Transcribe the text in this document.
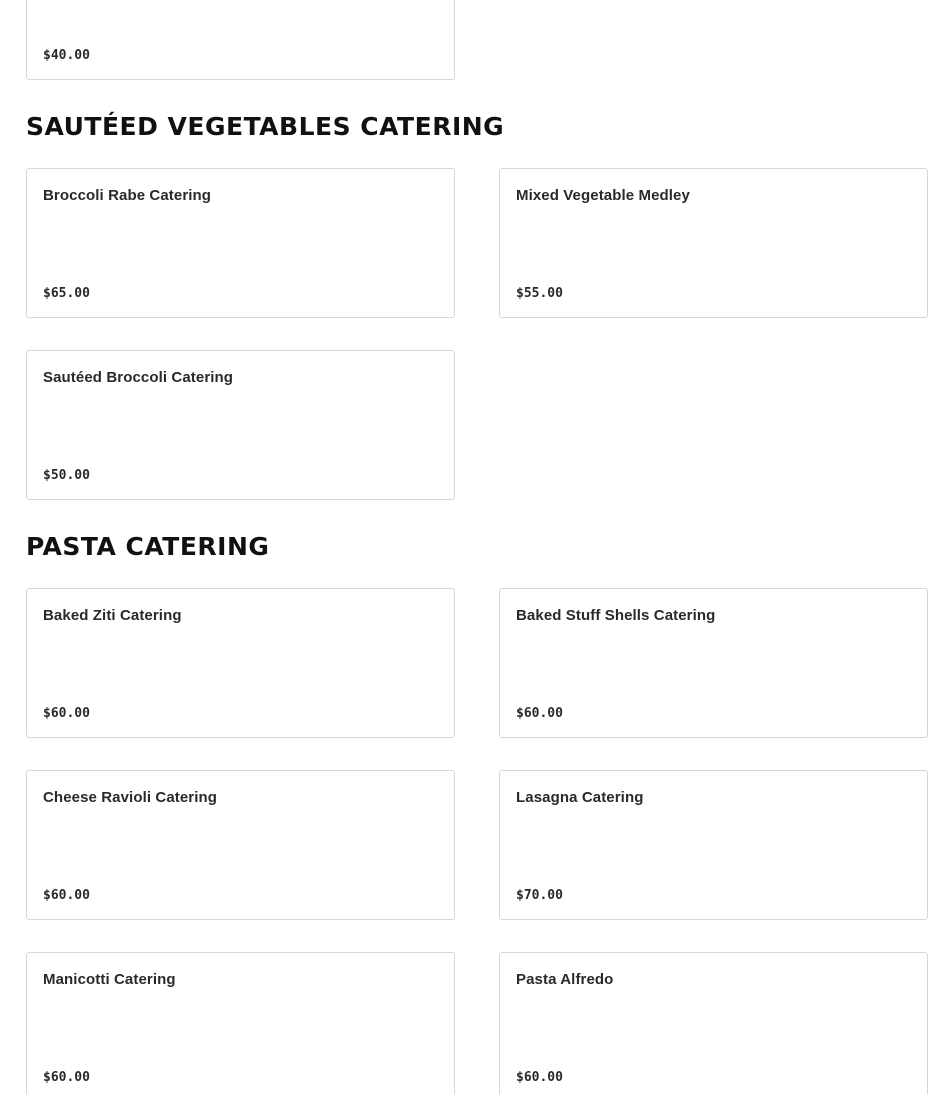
$40.00
SAUTÉED VEGETABLES CATERING
Broccoli Rabe Catering
$65.00
Mixed Vegetable Medley
$55.00
Sautéed Broccoli Catering
$50.00
PASTA CATERING
Baked Ziti Catering
$60.00
Baked Stuff Shells Catering
$60.00
Cheese Ravioli Catering
$60.00
Lasagna Catering
$70.00
Manicotti Catering
$60.00
Pasta Alfredo
$60.00
